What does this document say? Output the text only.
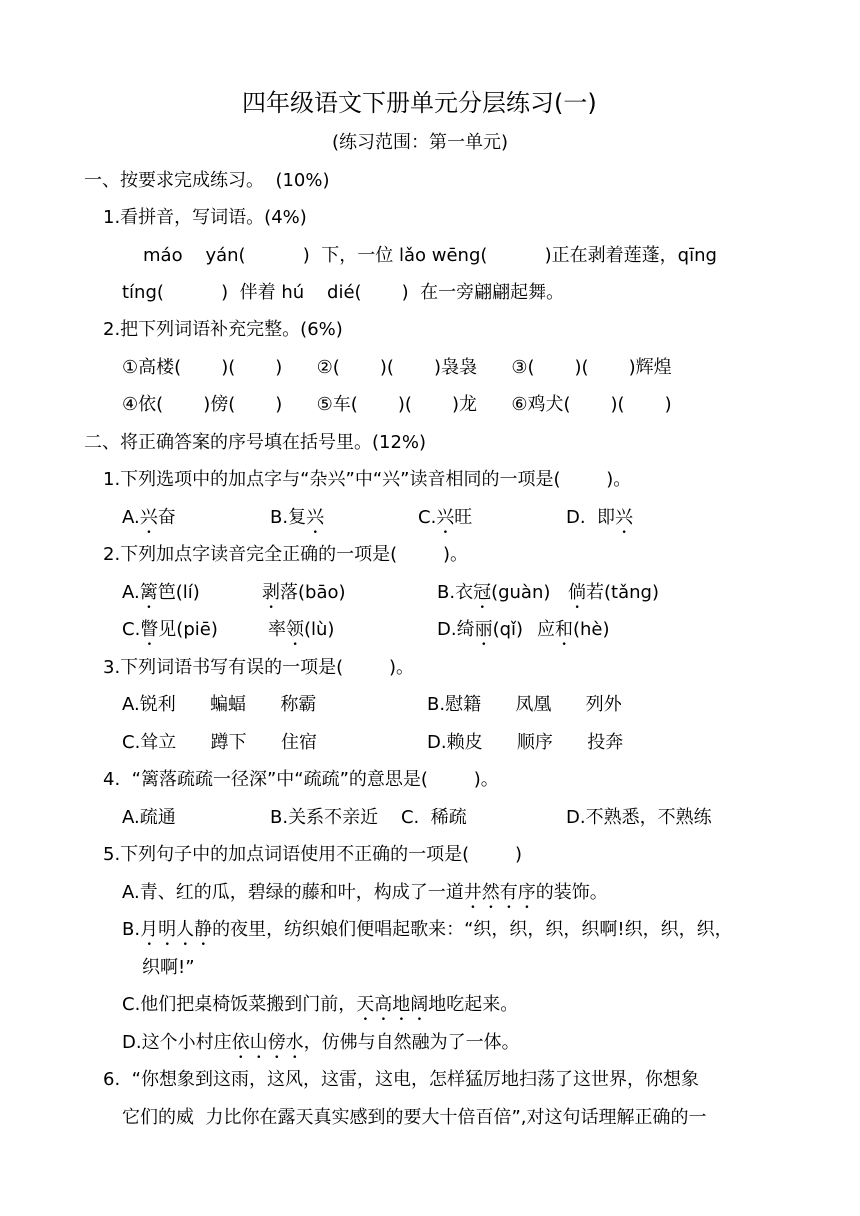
四年级语文下册单元分层练习(一)
(练习范围：第一单元)
一、按要求完成练习。  (10%)
1.看拼音，写词语。(4%)
máo    yán(          )  下，一位 lǎo wēng(          )正在剥着莲蓬，qīng
tíng(          )  伴着 hú    dié(       )  在一旁翩翩起舞。
2.把下列词语补充完整。(6%)
①高楼(       )(       )      ②(       )(       )袅袅      ③(       )(       )辉煌
④依(       )傍(       )      ⑤车(       )(       )龙      ⑥鸡犬(       )(       )
二、将正确答案的序号填在括号里。(12%)
1.下列选项中的加点字与“杂兴”中“兴”读音相同的一项是(        )。
A.兴奋	B.复兴	C.兴旺	D.  即兴
2.下列加点字读音完全正确的一项是(        )。
A.篱笆(lí)	剥落(bāo)	B.衣冠(guàn) 倘若(tǎng)
C.瞥见(piē)	率领(lù)	D.绮丽(qǐ) 应和(hè)
3.下列词语书写有误的一项是(        )。
A.锐利      蝙蝠      称霸	B.慰籍      凤凰      列外
C.耸立      蹲下      住宿	D.赖皮      顺序      投奔
4.  “篱落疏疏一径深”中“疏疏”的意思是(        )。
A.疏通	B.关系不亲近    C.  稀疏	D.不熟悉，不熟练
5.下列句子中的加点词语使用不正确的一项是(        )
A.青、红的瓜，碧绿的藤和叶，构成了一道井然有序的装饰。
B.月明人静的夜里，纺织娘们便唱起歌来：“织，织，织，织啊!织，织，织，
织啊!”
C.他们把桌椅饭菜搬到门前，天高地阔地吃起来。
D.这个小村庄依山傍水，仿佛与自然融为了一体。
6.  “你想象到这雨，这风，这雷，这电，怎样猛厉地扫荡了这世界，你想象
它们的威  力比你在露天真实感到的要大十倍百倍”,对这句话理解正确的一
